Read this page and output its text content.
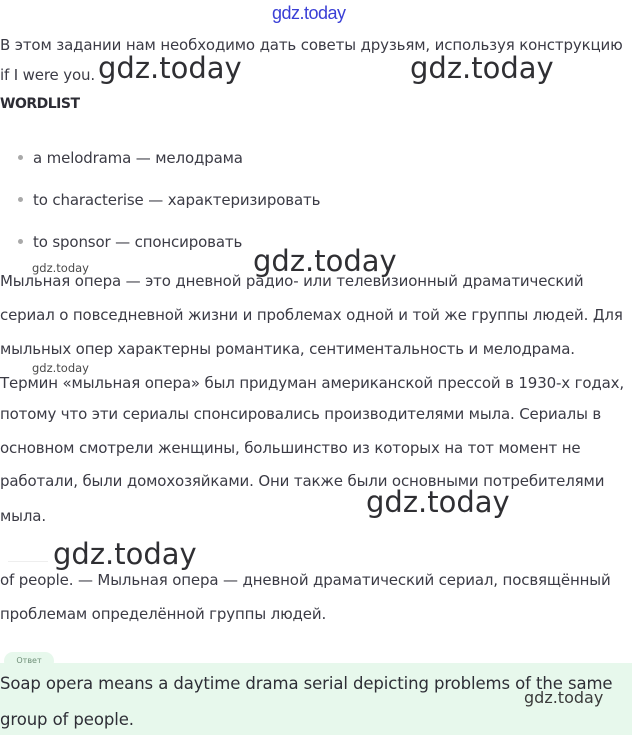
gdz.today
В этом задании нам необходимо дать советы друзьям, используя конструкцию
if I were you. gdz.today	gdz.today
WORDLIST
a melodrama — мелодрама
to characterise — характеризировать
to sponsor — спонсировать
gdz.today	gdz.today
Мыльная опера — это дневной радио- или телевизионный драматический
сериал о повседневной жизни и проблемах одной и той же группы людей. Для
мыльных опер характерны романтика, сентиментальность и мелодрама.
gdz.today
Термин «мыльная опера» был придуман американской прессой в 1930-х годах,
потому что эти сериалы спонсировались производителями мыла. Сериалы в
основном смотрели женщины, большинство из которых на тот момент не
работали, были домохозяйками. Они также были основными потребителями
мыла.	gdz.today
gdz.today
of people. — Мыльная опера — дневной драматический сериал, посвящённый
проблемам определённой группы людей.
Ответ
Soap opera means a daytime drama serial depicting problems of the same
group of people.
gdz.today
